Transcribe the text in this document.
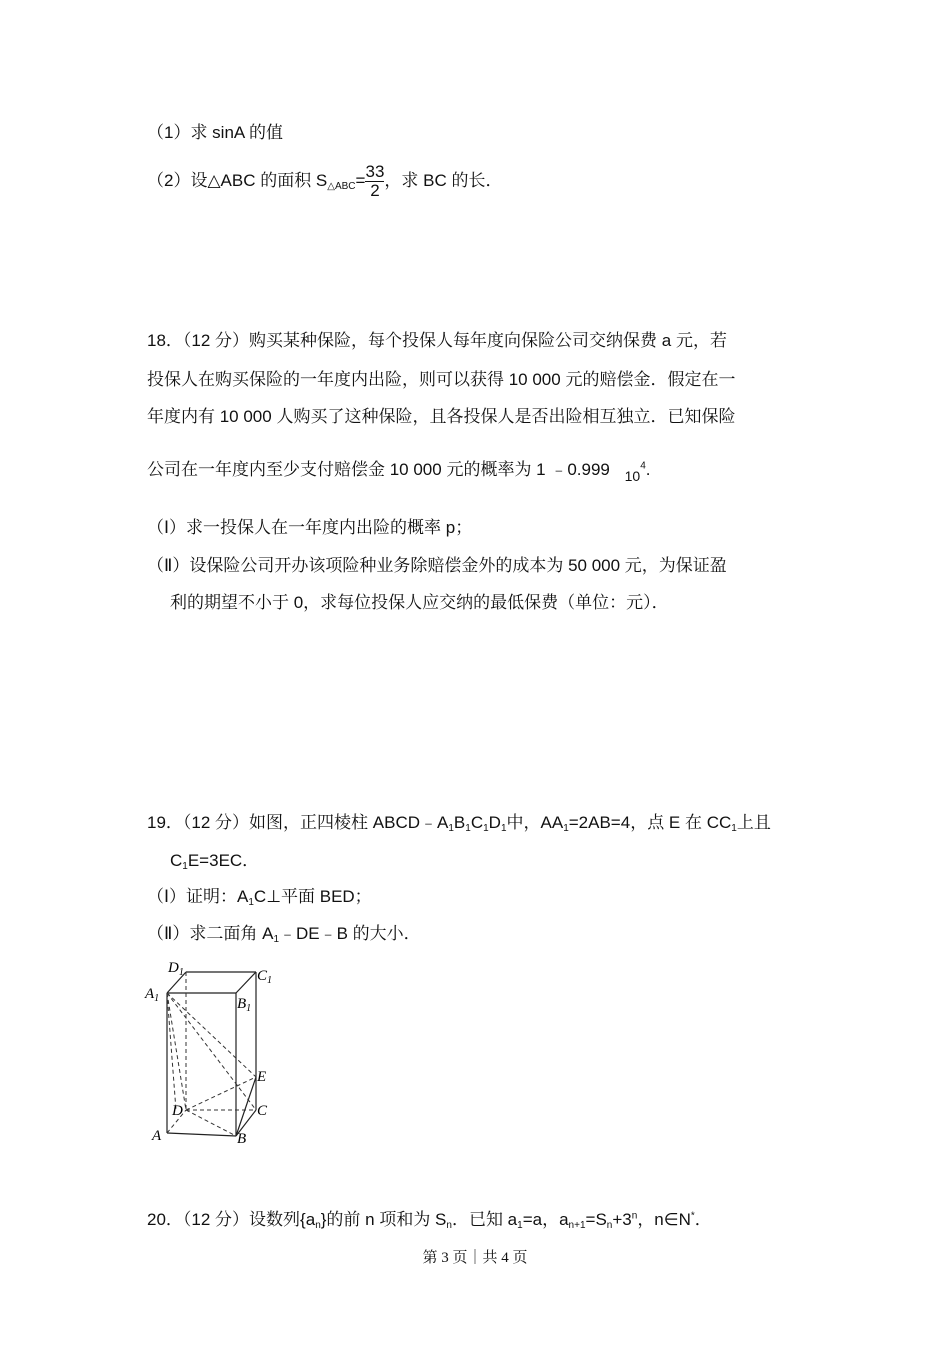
（1）求 sinA 的值
（2）设△ABC 的面积 $S_{\triangle ABC}= \frac{33}{2}$ ，求 BC 的长．
18．（12 分）购买某种保险，每个投保人每年度向保险公司交纳保费 a 元，若
投保人在购买保险的一年度内出险，则可以获得 10 000 元的赔偿金．假定在一
年度内有 10 000 人购买了这种保险，且各投保人是否出险相互独立．已知保险
公司在一年度内至少支付赔偿金 10 000 元的概率为 1 ﹣0.999 $_{10}^4$.
（Ⅰ）求一投保人在一年度内出险的概率 p；
（Ⅱ）设保险公司开办该项险种业务除赔偿金外的成本为 50 000 元，为保证盈
利的期望不小于 0，求每位投保人应交纳的最低保费（单位：元）．
19．（12 分）如图，正四棱柱 $ABCD﹣A_1B_1C_1D_1$中，$AA_1=2AB=4$，点 E 在 $CC_1$上且
$C_1E=3EC$．
（Ⅰ）证明：$A_1C\perp$平面 BED；
（Ⅱ）求二面角 $A_1﹣DE﹣B$ 的大小．
$D_1$	$C_1$
$A_1$	$B_1$
E
D	C
A	B
20．（12 分）设数列$\{a_n\}$的前 n 项和为 $S_n$．已知 $a_1=a$，$a_{n+1}=S_n+3^n$，n∈N*．
第 3 页｜共 4 页
